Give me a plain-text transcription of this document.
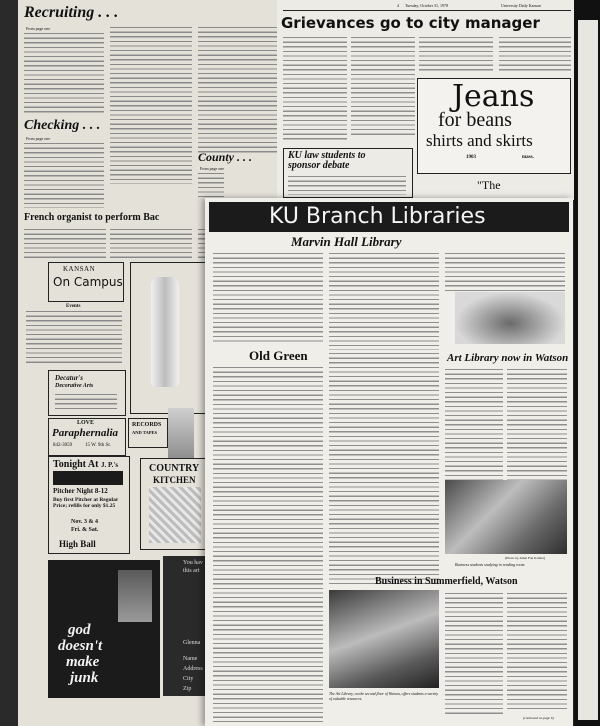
Recruiting . . .
From page one
Checking . . .
From page one
County . . .
From page one
French organist to perform Bac
KANSAN
On Campus
Events
Decatur's
Decorative Arts
LOVE
Paraphernalia
842-3059	15 W. 9th St.
RECORDS
AND TAPES
Tonight At J. P.'s
Pitcher Night 8-12
Buy first Pitcher at Regular Price; refills for only $1.25
Nov. 3 & 4
Fri. & Sat.
High Ball
COUNTRY
KITCHEN
god
doesn't
make
junk
You hav
this art
Glenna
Name
Address
City
Zip
4 Tuesday, October 31, 1978	University Daily Kansan
Grievances go to city manager
Jeans
for beans
shirts and skirts
1903	mass.
KU law students to sponsor debate
"The
KU Branch Libraries
Marvin Hall Library
Old Green	Art Library now in Watson
(Photo by Allen Fan Kolder)
Business students studying in reading room.
The Art Library, on the second floor of Watson, offers students a variety of valuable resources.
Business in Summerfield, Watson
(continued on page 6)
